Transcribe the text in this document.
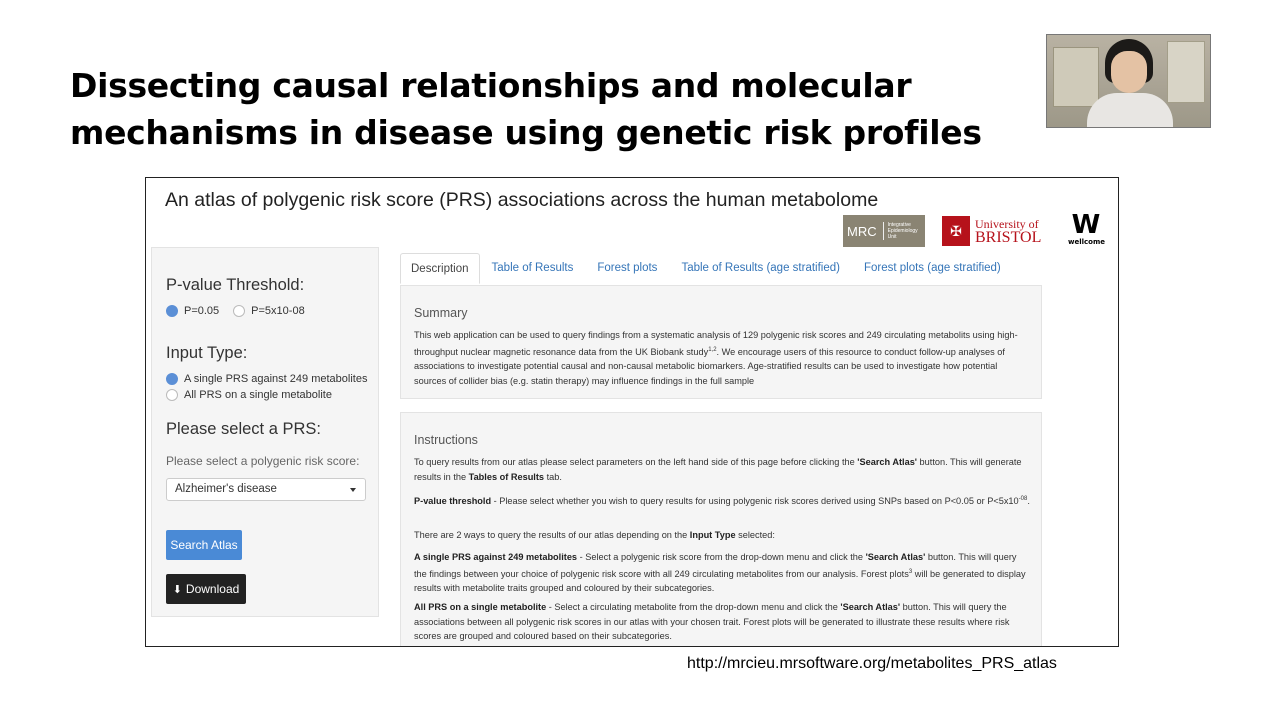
Dissecting causal relationships and molecular mechanisms in disease using genetic risk profiles
An atlas of polygenic risk score (PRS) associations across the human metabolome
MRC	Integrative Epidemiology Unit	✠	University of
BRISTOL W
wellcome
P-value Threshold:
P=0.05	P=5x10-08
Input Type:
A single PRS against 249 metabolites
All PRS on a single metabolite
Please select a PRS:
Please select a polygenic risk score:
Alzheimer's disease
Search Atlas
⬇ Download
Description	Table of Results	Forest plots	Table of Results (age stratified)	Forest plots (age stratified)
Summary
This web application can be used to query findings from a systematic analysis of 129 polygenic risk scores and 249 circulating metabolits using high-throughput nuclear magnetic resonance data from the UK Biobank study$^{1,2}$. We encourage users of this resource to conduct follow-up analyses of associations to investigate potential causal and non-causal metabolic biomarkers. Age-stratified results can be used to investigate how potential sources of collider bias (e.g. statin therapy) may influence findings in the full sample
Instructions
To query results from our atlas please select parameters on the left hand side of this page before clicking the 'Search Atlas' button. This will generate results in the Tables of Results tab.
P-value threshold - Please select whether you wish to query results for using polygenic risk scores derived using SNPs based on P<0.05 or $P<5x10^{-08}$.
There are 2 ways to query the results of our atlas depending on the Input Type selected:
A single PRS against 249 metabolites - Select a polygenic risk score from the drop-down menu and click the 'Search Atlas' button. This will query the findings between your choice of polygenic risk score with all 249 circulating metabolites from our analysis. Forest plots$^3$ will be generated to display results with metabolite traits grouped and coloured by their subcategories.
All PRS on a single metabolite - Select a circulating metabolite from the drop-down menu and click the 'Search Atlas' button. This will query the associations between all polygenic risk scores in our atlas with your chosen trait. Forest plots will be generated to illustrate these results where risk scores are grouped and coloured based on their subcategories.
http://mrcieu.mrsoftware.org/metabolites_PRS_atlas
